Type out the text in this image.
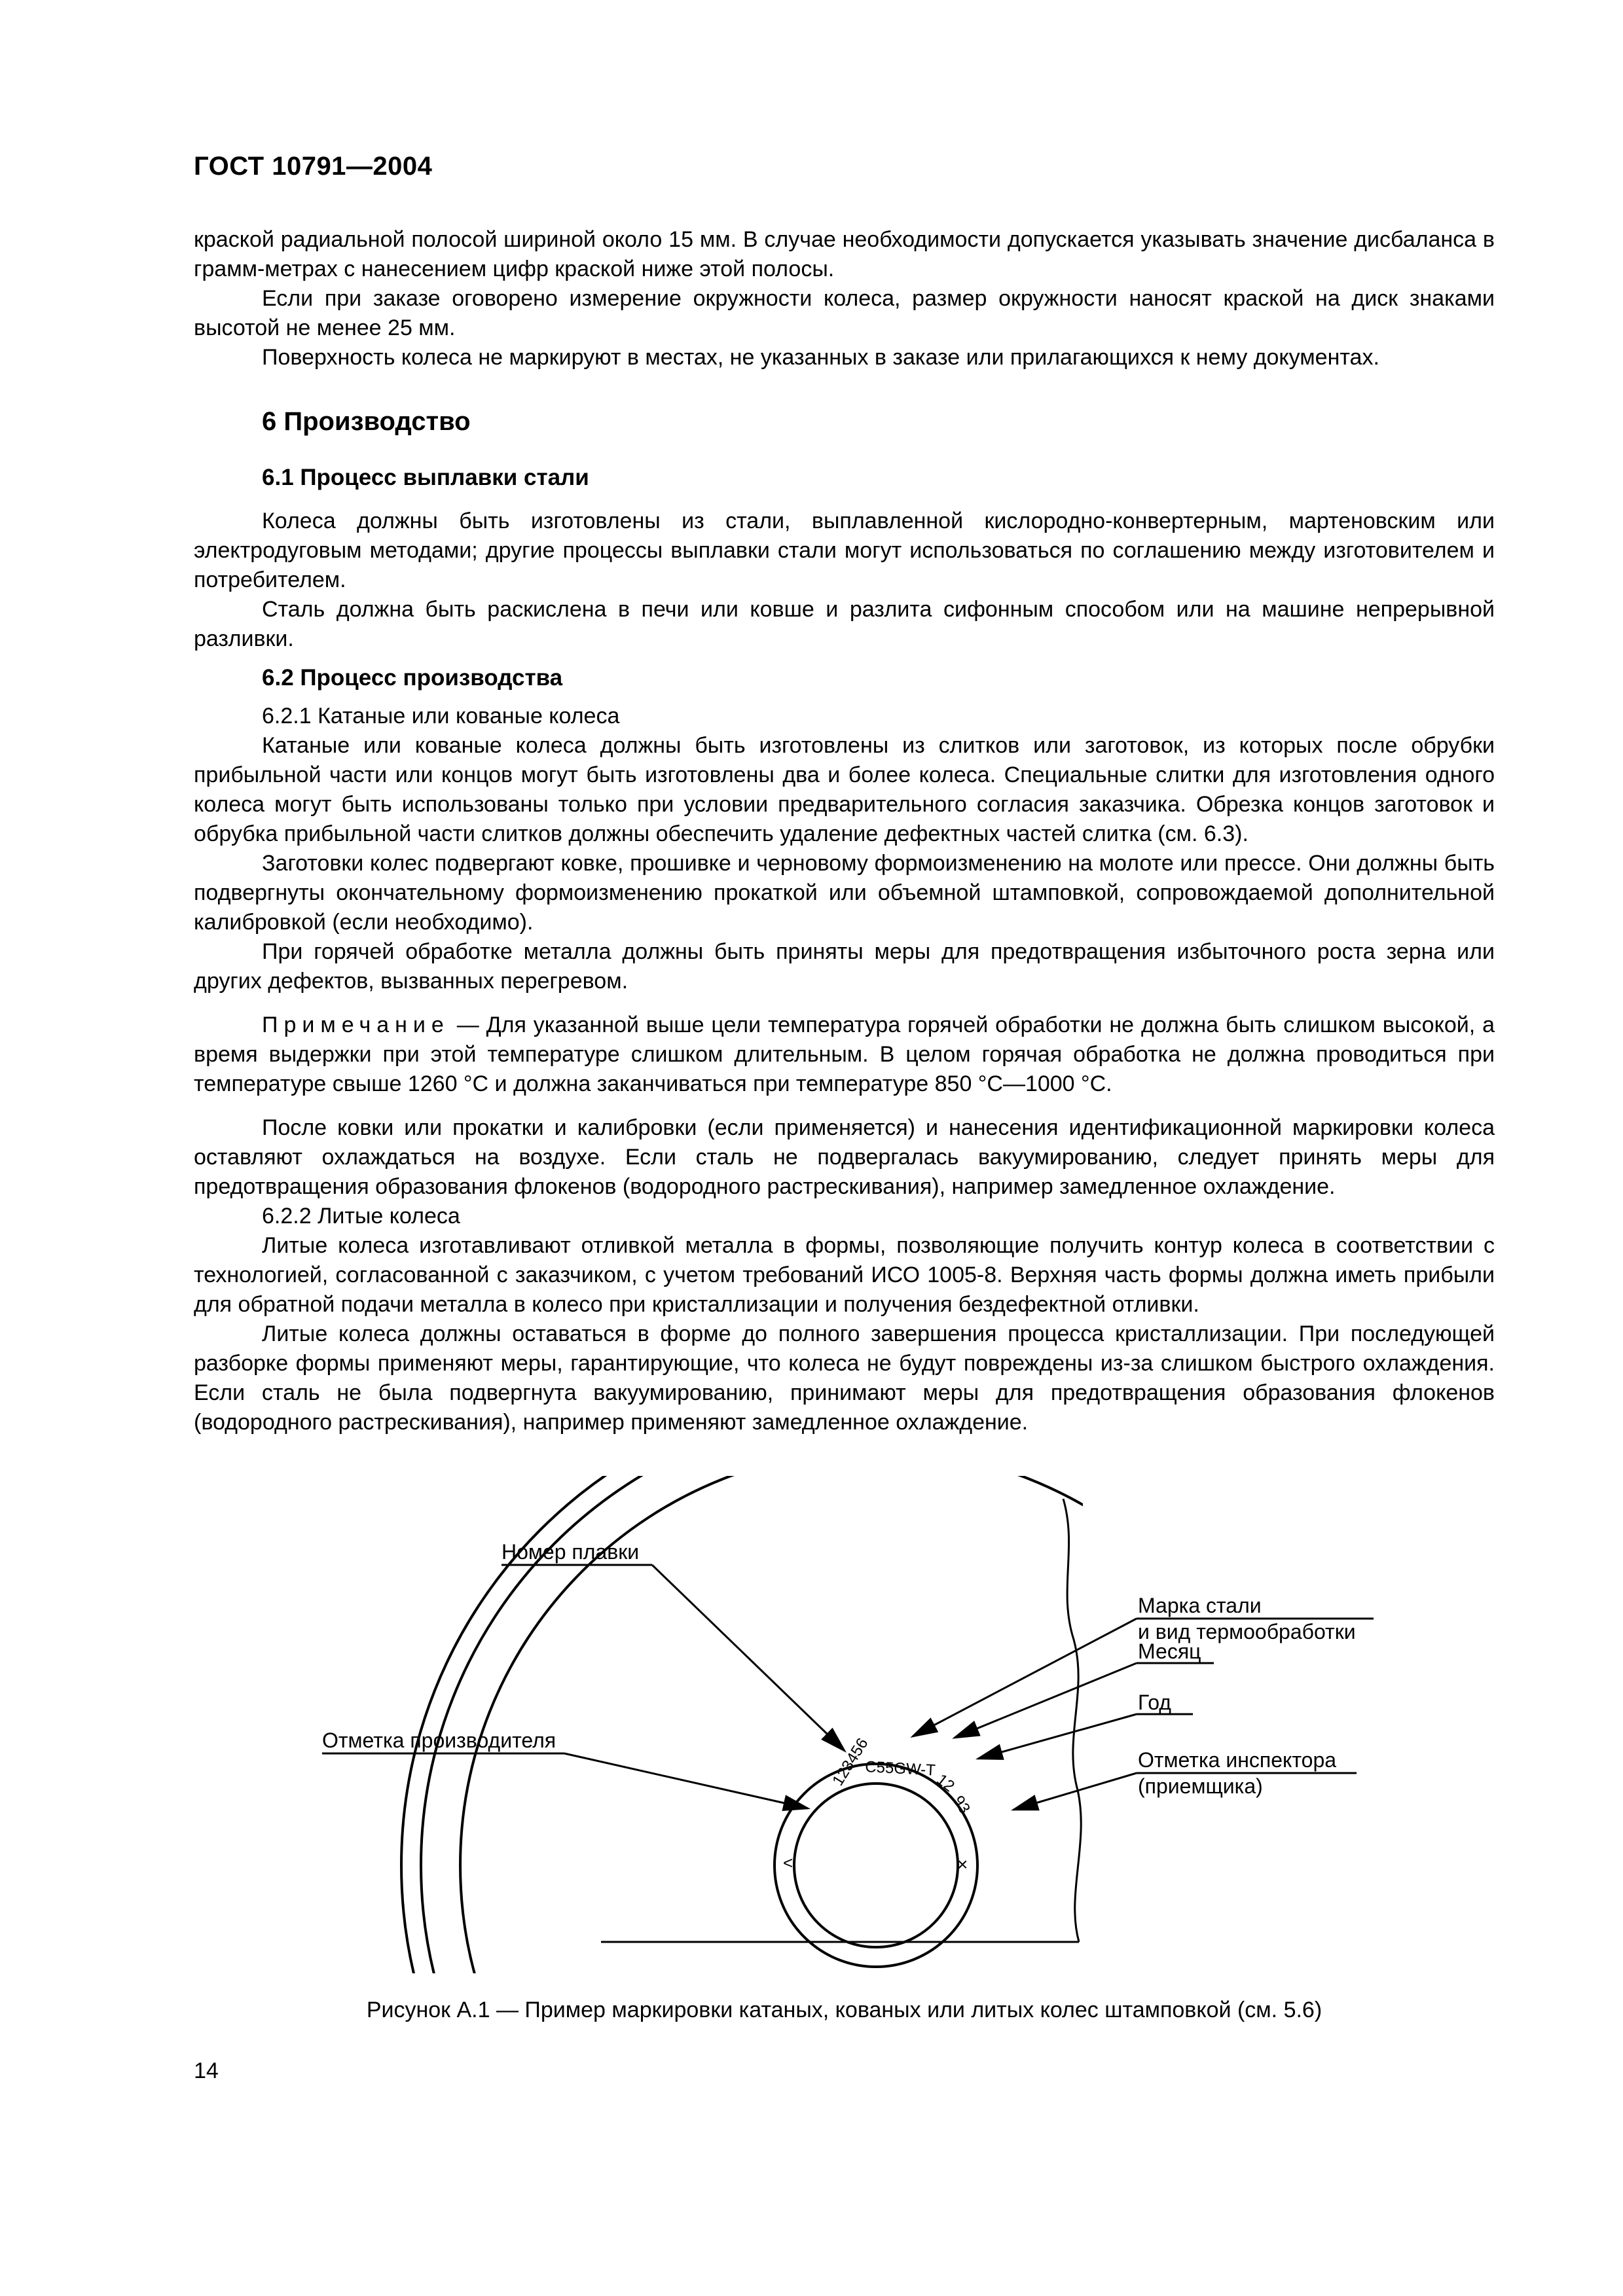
ГОСТ 10791—2004

краской радиальной полосой шириной около 15 мм. В случае необходимости допускается указывать значение дисбаланса в грамм-метрах с нанесением цифр краской ниже этой полосы.

Если при заказе оговорено измерение окружности колеса, размер окружности наносят краской на диск знаками высотой не менее 25 мм.

Поверхность колеса не маркируют в местах, не указанных в заказе или прилагающихся к нему документах.

6 Производство
6.1 Процесс выплавки стали

Колеса должны быть изготовлены из стали, выплавленной кислородно-конвертерным, мартеновским или электродуговым методами; другие процессы выплавки стали могут использоваться по соглашению между изготовителем и потребителем.

Сталь должна быть раскислена в печи или ковше и разлита сифонным способом или на машине непрерывной разливки.

6.2 Процесс производства

6.2.1 Катаные или кованые колеса

Катаные или кованые колеса должны быть изготовлены из слитков или заготовок, из которых после обрубки прибыльной части или концов могут быть изготовлены два и более колеса. Специальные слитки для изготовления одного колеса могут быть использованы только при условии предварительного согласия заказчика. Обрезка концов заготовок и обрубка прибыльной части слитков должны обеспечить удаление дефектных частей слитка (см. 6.3).

Заготовки колес подвергают ковке, прошивке и черновому формоизменению на молоте или прессе. Они должны быть подвергнуты окончательному формоизменению прокаткой или объемной штамповкой, сопровождаемой дополнительной калибровкой (если необходимо).

При горячей обработке металла должны быть приняты меры для предотвращения избыточного роста зерна или других дефектов, вызванных перегревом.

Примечание — Для указанной выше цели температура горячей обработки не должна быть слишком высокой, а время выдержки при этой температуре слишком длительным. В целом горячая обработка не должна проводиться при температуре свыше 1260 °С и должна заканчиваться при температуре 850 °С—1000 °С.

После ковки или прокатки и калибровки (если применяется) и нанесения идентификационной маркировки колеса оставляют охлаждаться на воздухе. Если сталь не подвергалась вакуумированию, следует принять меры для предотвращения образования флокенов (водородного растрескивания), например замедленное охлаждение.

6.2.2 Литые колеса

Литые колеса изготавливают отливкой металла в формы, позволяющие получить контур колеса в соответствии с технологией, согласованной с заказчиком, с учетом требований ИСО 1005-8. Верхняя часть формы должна иметь прибыли для обратной подачи металла в колесо при кристаллизации и получения бездефектной отливки.

Литые колеса должны оставаться в форме до полного завершения процесса кристаллизации. При последующей разборке формы применяют меры, гарантирующие, что колеса не будут повреждены из-за слишком быстрого охлаждения. Если сталь не была подвергнута вакуумированию, принимают меры для предотвращения образования флокенов (водородного растрескивания), например применяют замедленное охлаждение.

123456
C55GW-T
12
93
<	×
Номер плавки
Марка стали
и вид термообработки
Месяц
Год
Отметка производителя
Отметка инспектора
(приемщика)
Рисунок А.1 — Пример маркировки катаных, кованых или литых колес штамповкой (см. 5.6)
14
